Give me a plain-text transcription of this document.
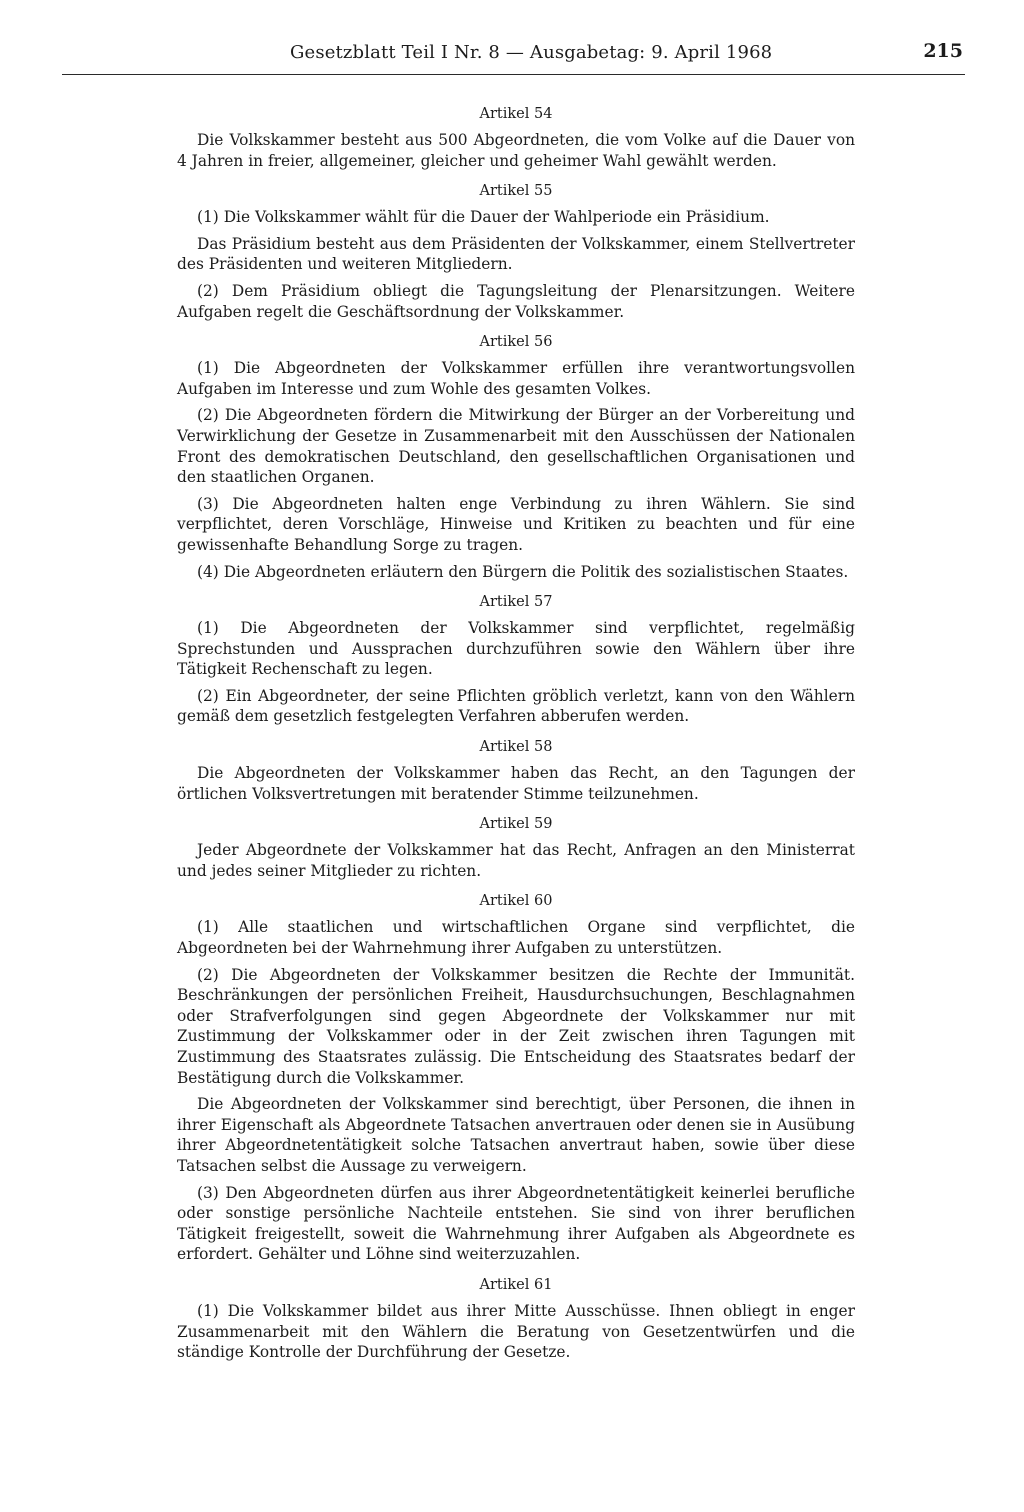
Gesetzblatt Teil I Nr. 8 — Ausgabetag: 9. April 1968	215
Artikel 54

Die Volkskammer besteht aus 500 Abgeordneten, die vom Volke auf die Dauer von 4 Jahren in freier, allgemeiner, gleicher und geheimer Wahl gewählt werden.

Artikel 55

(1) Die Volkskammer wählt für die Dauer der Wahlperiode ein Präsidium.

Das Präsidium besteht aus dem Präsidenten der Volkskammer, einem Stellvertreter des Präsidenten und weiteren Mitgliedern.

(2) Dem Präsidium obliegt die Tagungsleitung der Plenarsitzungen. Weitere Aufgaben regelt die Geschäftsordnung der Volkskammer.

Artikel 56

(1) Die Abgeordneten der Volkskammer erfüllen ihre verantwortungsvollen Aufgaben im Interesse und zum Wohle des gesamten Volkes.

(2) Die Abgeordneten fördern die Mitwirkung der Bürger an der Vorbereitung und Verwirklichung der Gesetze in Zusammenarbeit mit den Ausschüssen der Nationalen Front des demokratischen Deutschland, den gesellschaftlichen Organisationen und den staatlichen Organen.

(3) Die Abgeordneten halten enge Verbindung zu ihren Wählern. Sie sind verpflichtet, deren Vorschläge, Hinweise und Kritiken zu beachten und für eine gewissenhafte Behandlung Sorge zu tragen.

(4) Die Abgeordneten erläutern den Bürgern die Politik des sozialistischen Staates.

Artikel 57

(1) Die Abgeordneten der Volkskammer sind verpflichtet, regelmäßig Sprechstunden und Aussprachen durchzuführen sowie den Wählern über ihre Tätigkeit Rechenschaft zu legen.

(2) Ein Abgeordneter, der seine Pflichten gröblich verletzt, kann von den Wählern gemäß dem gesetzlich festgelegten Verfahren abberufen werden.

Artikel 58

Die Abgeordneten der Volkskammer haben das Recht, an den Tagungen der örtlichen Volksvertretungen mit beratender Stimme teilzunehmen.

Artikel 59

Jeder Abgeordnete der Volkskammer hat das Recht, Anfragen an den Ministerrat und jedes seiner Mitglieder zu richten.

Artikel 60

(1) Alle staatlichen und wirtschaftlichen Organe sind verpflichtet, die Abgeordneten bei der Wahrnehmung ihrer Aufgaben zu unterstützen.

(2) Die Abgeordneten der Volkskammer besitzen die Rechte der Immunität. Beschränkungen der persönlichen Freiheit, Hausdurchsuchungen, Beschlagnahmen oder Strafverfolgungen sind gegen Abgeordnete der Volkskammer nur mit Zustimmung der Volkskammer oder in der Zeit zwischen ihren Tagungen mit Zustimmung des Staatsrates zulässig. Die Entscheidung des Staatsrates bedarf der Bestätigung durch die Volkskammer.

Die Abgeordneten der Volkskammer sind berechtigt, über Personen, die ihnen in ihrer Eigenschaft als Abgeordnete Tatsachen anvertrauen oder denen sie in Ausübung ihrer Abgeordnetentätigkeit solche Tatsachen anvertraut haben, sowie über diese Tatsachen selbst die Aussage zu verweigern.

(3) Den Abgeordneten dürfen aus ihrer Abgeordnetentätigkeit keinerlei berufliche oder sonstige persönliche Nachteile entstehen. Sie sind von ihrer beruflichen Tätigkeit freigestellt, soweit die Wahrnehmung ihrer Aufgaben als Abgeordnete es erfordert. Gehälter und Löhne sind weiterzuzahlen.

Artikel 61

(1) Die Volkskammer bildet aus ihrer Mitte Ausschüsse. Ihnen obliegt in enger Zusammenarbeit mit den Wählern die Beratung von Gesetzentwürfen und die ständige Kontrolle der Durchführung der Gesetze.
